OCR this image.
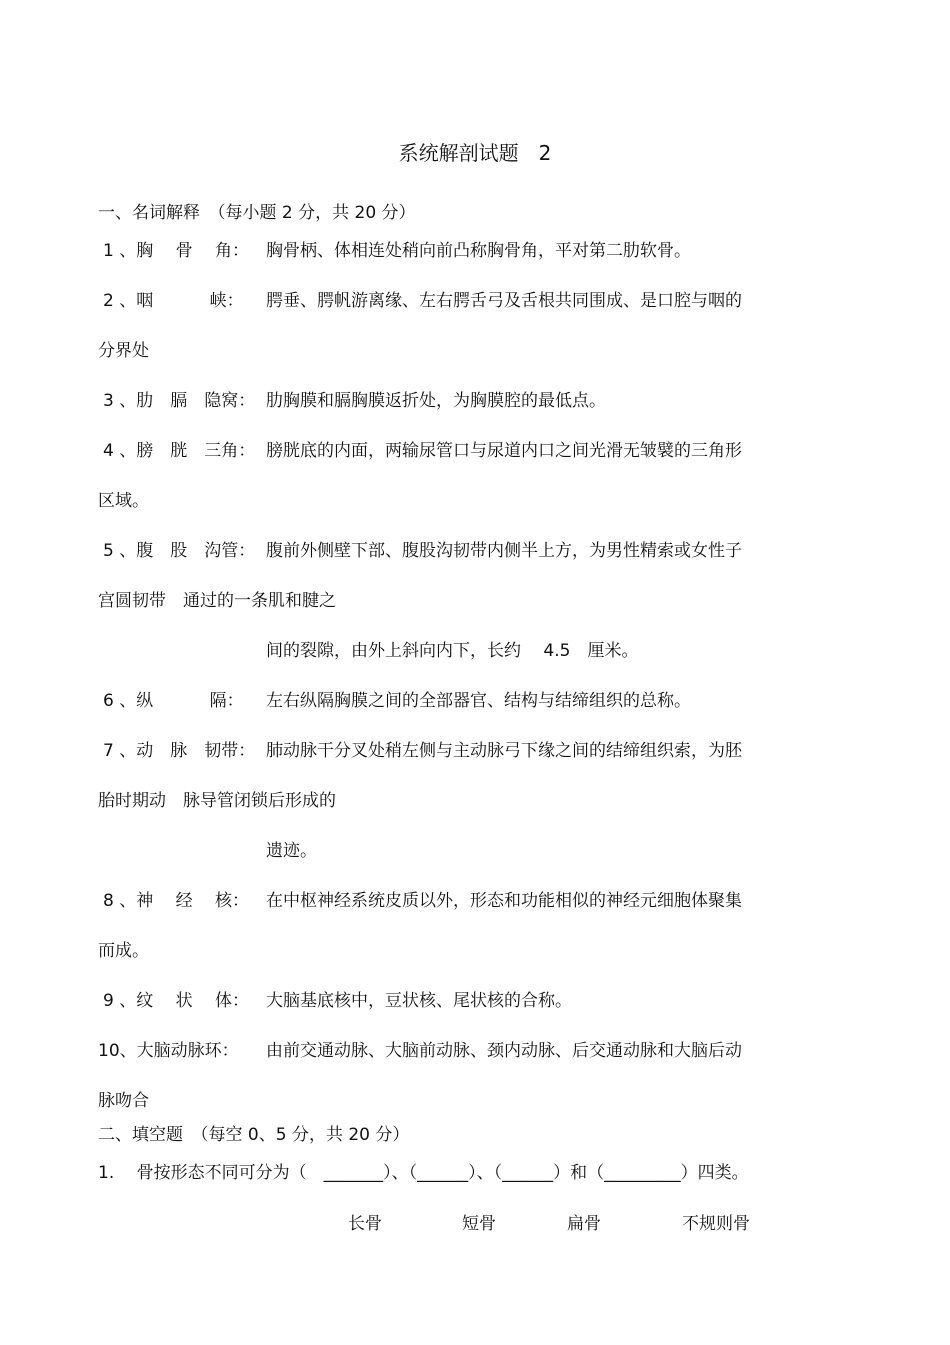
系统解剖试题　2
一、名词解释　（每小题 2 分，共 20 分）
1 、胸　 骨 　角： 胸骨柄、体相连处稍向前凸称胸骨角，平对第二肋软骨。
2 、咽　　　 峡： 腭垂、腭帆游离缘、左右腭舌弓及舌根共同围成、是口腔与咽的
分界处
3 、肋　膈　隐窝： 肋胸膜和膈胸膜返折处，为胸膜腔的最低点。
4 、膀　胱　三角： 膀胱底的内面，两输尿管口与尿道内口之间光滑无皱襞的三角形
区域。
5 、腹　股　沟管： 腹前外侧壁下部、腹股沟韧带内侧半上方，为男性精索或女性子
宫圆韧带　通过的一条肌和腱之
间的裂隙，由外上斜向内下，长约　 4.5　厘米。
6 、纵　　　 隔： 左右纵隔胸膜之间的全部器官、结构与结缔组织的总称。
7 、动　脉　韧带： 肺动脉干分叉处稍左侧与主动脉弓下缘之间的结缔组织索，为胚
胎时期动　脉导管闭锁后形成的
遗迹。
8 、神 　经 　核： 在中枢神经系统皮质以外，形态和功能相似的神经元细胞体聚集
而成。
9 、纹 　状 　体： 大脑基底核中，豆状核、尾状核的合称。
10、大脑动脉环： 由前交通动脉、大脑前动脉、颈内动脉、后交通动脉和大脑后动
脉吻合
二、填空题　（每空 0、5 分，共 20 分）
1.　 骨按形态不同可分为（　_______）、（______）、（______）和（_________）四类。
长骨	短骨	扁骨	不规则骨
